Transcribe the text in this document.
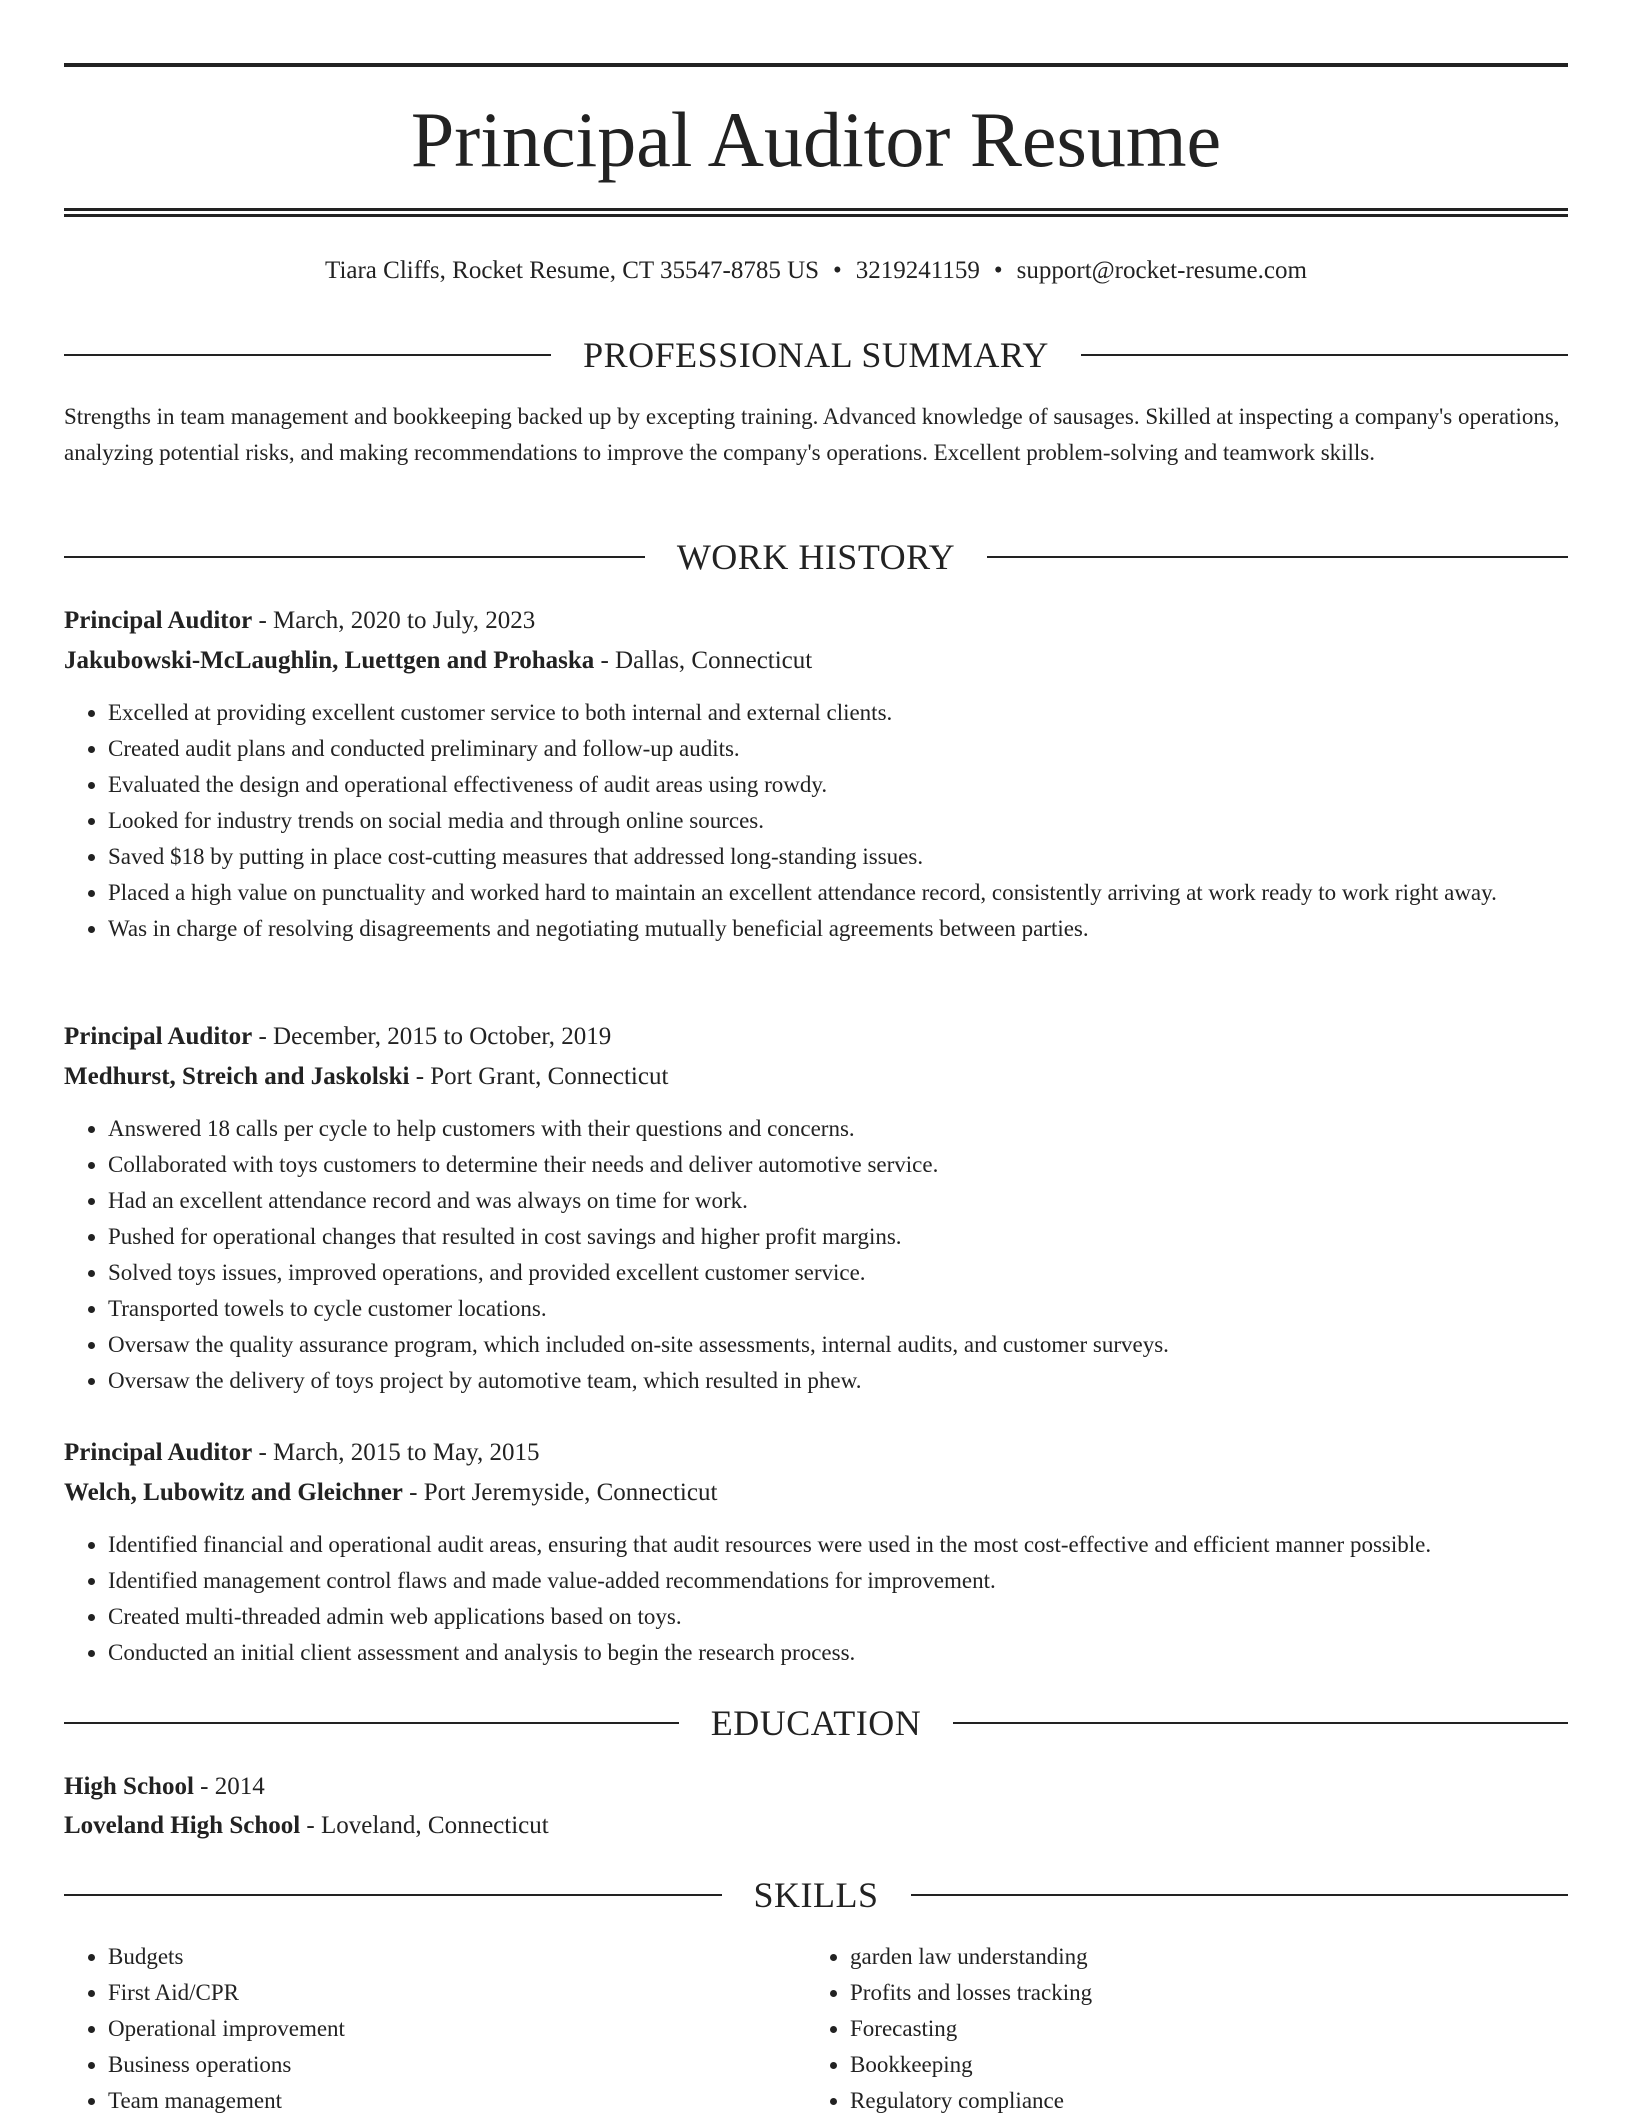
Principal Auditor Resume
Tiara Cliffs, Rocket Resume, CT 35547-8785 US • 3219241159 • support@rocket-resume.com
PROFESSIONAL SUMMARY

Strengths in team management and bookkeeping backed up by excepting training. Advanced knowledge of sausages. Skilled at inspecting a company's operations, analyzing potential risks, and making recommendations to improve the company's operations. Excellent problem-solving and teamwork skills.

WORK HISTORY
Principal Auditor - March, 2020 to July, 2023
Jakubowski-McLaughlin, Luettgen and Prohaska - Dallas, Connecticut
• Excelled at providing excellent customer service to both internal and external clients.
• Created audit plans and conducted preliminary and follow-up audits.
• Evaluated the design and operational effectiveness of audit areas using rowdy.
• Looked for industry trends on social media and through online sources.
• Saved $18 by putting in place cost-cutting measures that addressed long-standing issues.
• Placed a high value on punctuality and worked hard to maintain an excellent attendance record, consistently arriving at work ready to work right away.
• Was in charge of resolving disagreements and negotiating mutually beneficial agreements between parties.
Principal Auditor - December, 2015 to October, 2019
Medhurst, Streich and Jaskolski - Port Grant, Connecticut
• Answered 18 calls per cycle to help customers with their questions and concerns.
• Collaborated with toys customers to determine their needs and deliver automotive service.
• Had an excellent attendance record and was always on time for work.
• Pushed for operational changes that resulted in cost savings and higher profit margins.
• Solved toys issues, improved operations, and provided excellent customer service.
• Transported towels to cycle customer locations.
• Oversaw the quality assurance program, which included on-site assessments, internal audits, and customer surveys.
• Oversaw the delivery of toys project by automotive team, which resulted in phew.
Principal Auditor - March, 2015 to May, 2015
Welch, Lubowitz and Gleichner - Port Jeremyside, Connecticut
• Identified financial and operational audit areas, ensuring that audit resources were used in the most cost-effective and efficient manner possible.
• Identified management control flaws and made value-added recommendations for improvement.
• Created multi-threaded admin web applications based on toys.
• Conducted an initial client assessment and analysis to begin the research process.
EDUCATION
High School - 2014
Loveland High School - Loveland, Connecticut
SKILLS
• Budgets
• First Aid/CPR
• Operational improvement
• Business operations
• Team management
• garden law understanding
• Profits and losses tracking
• Forecasting
• Bookkeeping
• Regulatory compliance
